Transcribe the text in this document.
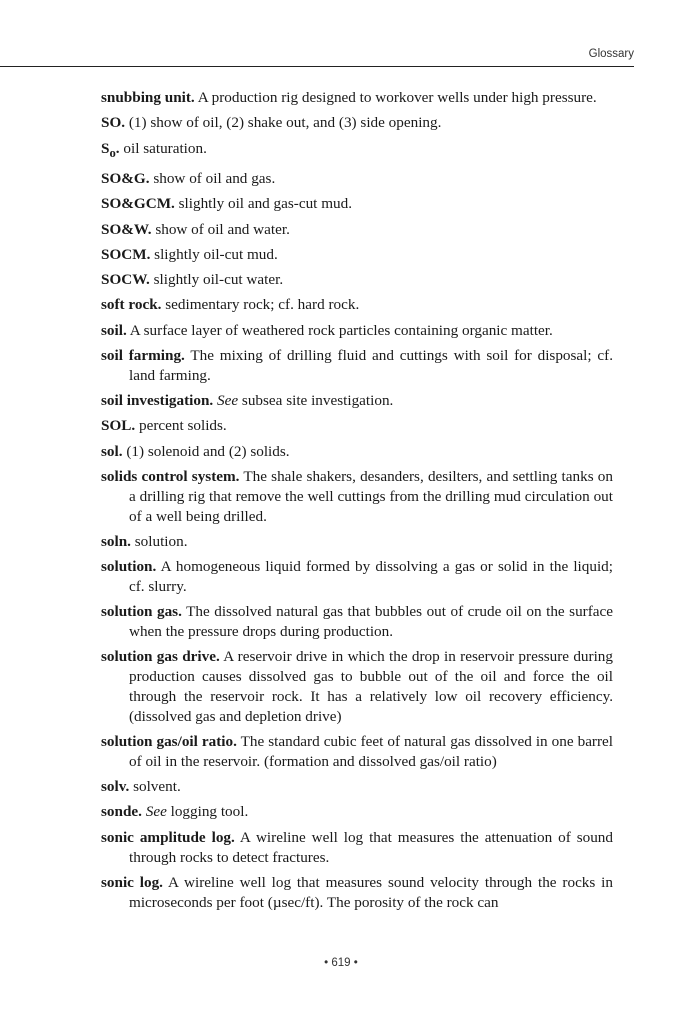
Glossary

snubbing unit. A production rig designed to workover wells under high pressure.

SO. (1) show of oil, (2) shake out, and (3) side opening.

$S_o$. oil saturation.

SO&G. show of oil and gas.

SO&GCM. slightly oil and gas-cut mud.

SO&W. show of oil and water.

SOCM. slightly oil-cut mud.

SOCW. slightly oil-cut water.

soft rock. sedimentary rock; cf. hard rock.

soil. A surface layer of weathered rock particles containing organic matter.

soil farming. The mixing of drilling fluid and cuttings with soil for disposal; cf. land farming.

soil investigation. See subsea site investigation.

SOL. percent solids.

sol. (1) solenoid and (2) solids.

solids control system. The shale shakers, desanders, desilters, and settling tanks on a drilling rig that remove the well cuttings from the drilling mud circulation out of a well being drilled.

soln. solution.

solution. A homogeneous liquid formed by dissolving a gas or solid in the liquid; cf. slurry.

solution gas. The dissolved natural gas that bubbles out of crude oil on the surface when the pressure drops during production.

solution gas drive. A reservoir drive in which the drop in reservoir pressure during production causes dissolved gas to bubble out of the oil and force the oil through the reservoir rock. It has a relatively low oil recovery efficiency. (dissolved gas and depletion drive)

solution gas/oil ratio. The standard cubic feet of natural gas dissolved in one barrel of oil in the reservoir. (formation and dissolved gas/oil ratio)

solv. solvent.

sonde. See logging tool.

sonic amplitude log. A wireline well log that measures the attenuation of sound through rocks to detect fractures.

sonic log. A wireline well log that measures sound velocity through the rocks in microseconds per foot (µsec/ft). The porosity of the rock can

• 619 •
